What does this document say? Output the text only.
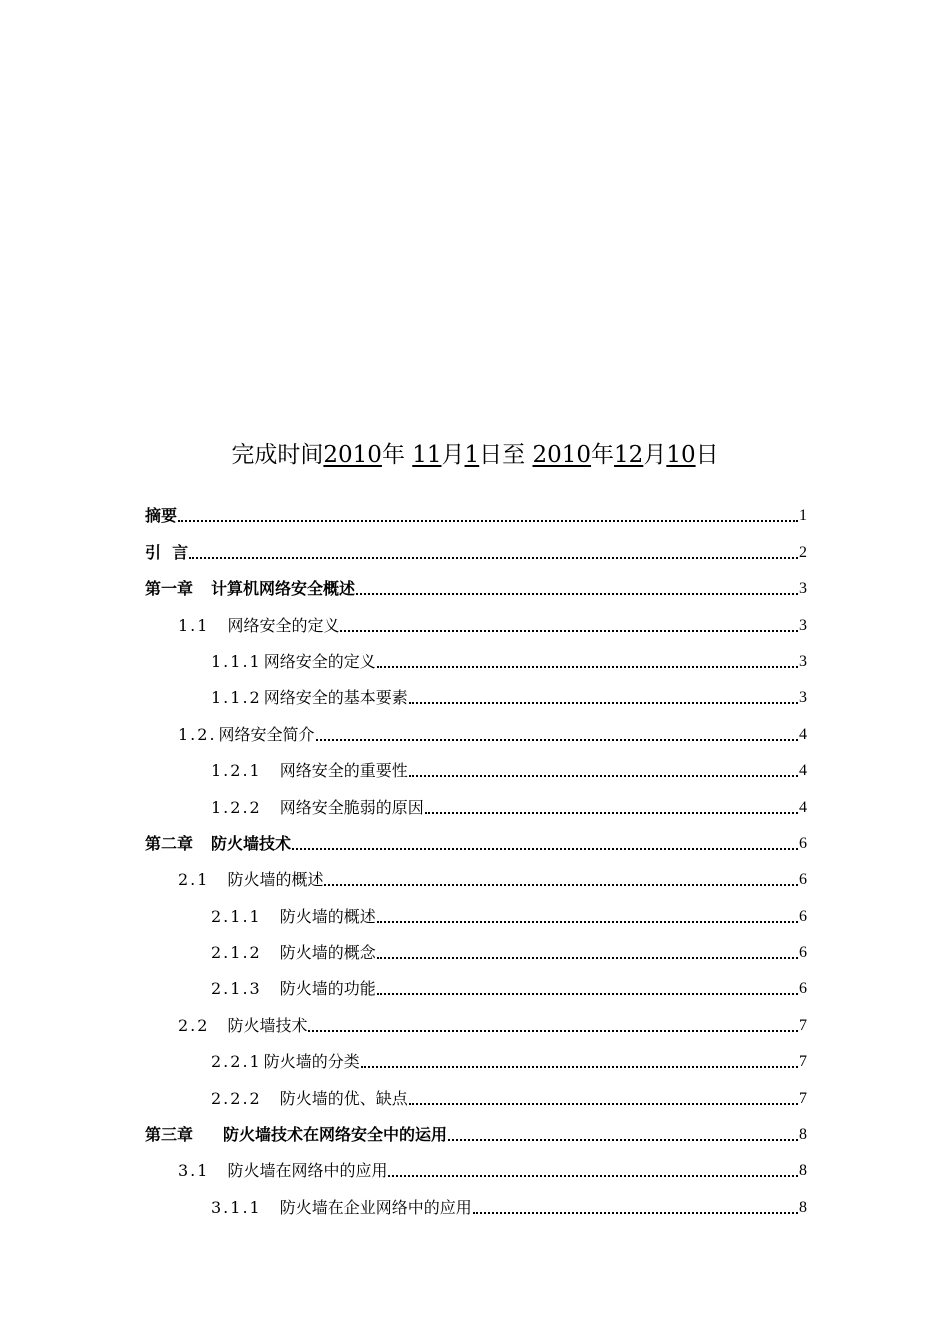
完成时间2010年 11月1日至 2010年12月10日
摘要	1
引  言	2
第一章 计算机网络安全概述	3
1.1 网络安全的定义	3
1.1.1 网络安全的定义	3
1.1.2 网络安全的基本要素	3
1.2. 网络安全简介	4
1.2.1 网络安全的重要性	4
1.2.2 网络安全脆弱的原因	4
第二章 防火墙技术	6
2.1 防火墙的概述	6
2.1.1 防火墙的概述	6
2.1.2 防火墙的概念	6
2.1.3 防火墙的功能	6
2.2 防火墙技术	7
2.2.1 防火墙的分类	7
2.2.2 防火墙的优、缺点	7
第三章 防火墙技术在网络安全中的运用	8
3.1 防火墙在网络中的应用	8
3.1.1 防火墙在企业网络中的应用	8
